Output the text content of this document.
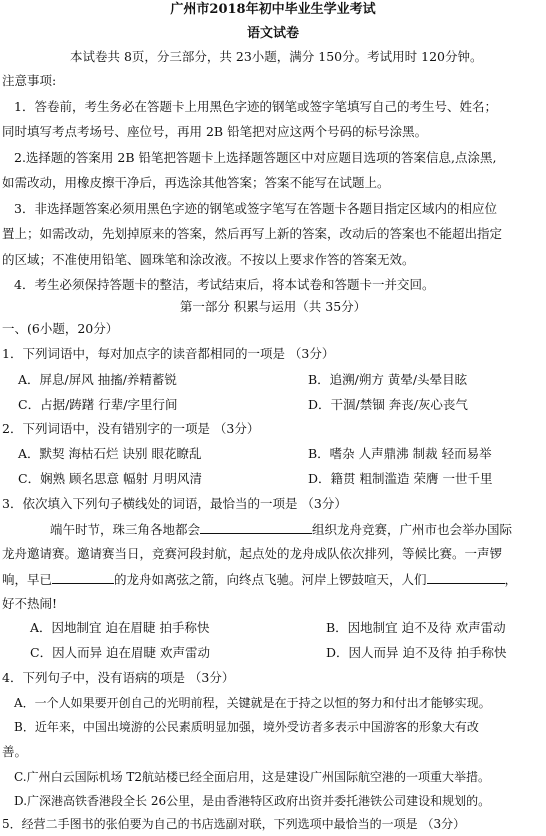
广州市2018年初中毕业生学业考试
语文试卷
本试卷共 8页，分三部分，共 23小题，满分 150分。考试用时 120分钟。
注意事项:
1．答卷前，考生务必在答题卡上用黑色字迹的钢笔或签字笔填写自己的考生号、姓名；
同时填写考点考场号、座位号，再用 2B 铅笔把对应这两个号码的标号涂黑。
2.选择题的答案用 2B 铅笔把答题卡上选择题答题区中对应题目选项的答案信息,点涂黑,
如需改动，用橡皮擦干净后，再选涂其他答案；答案不能写在试题上。
3．非选择题答案必须用黑色字迹的钢笔或签字笔写在答题卡各题目指定区域内的相应位
置上；如需改动，先划掉原来的答案，然后再写上新的答案，改动后的答案也不能超出指定
的区域；不准使用铅笔、圆珠笔和涂改液。不按以上要求作答的答案无效。
4．考生必须保持答题卡的整洁，考试结束后，将本试卷和答题卡一并交回。
第一部分 积累与运用（共 35分）
一、(6小题，20分）
1．下列词语中，每对加点字的读音都相同的一项是 （3分）
A．屏息/屏风 抽搐/养精蓄锐	B．追溯/朔方 黄晕/头晕目眩
C．占据/踌躇 行辈/字里行间	D．干涸/禁锢 奔丧/灰心丧气
2．下列词语中，没有错别字的一项是 （3分）
A．默契 海枯石烂 诀别 眼花瞭乱	B．嗜杂 人声鼎沸 制裁 轻而易举
C．娴熟 顾名思意 幅射 月明风清	D．籍贯 粗制滥造 荣膺 一世千里
3．依次填入下列句子横线处的词语，最恰当的一项是 （3分）
端午时节，珠三角各地都会	组织龙舟竞赛，广州市也会举办国际
龙舟邀请赛。邀请赛当日，竞赛河段封航，起点处的龙舟成队依次排列，等候比赛。一声锣
响，早已	的龙舟如离弦之箭，向终点飞驰。河岸上锣鼓喧天，人们	，
好不热闹!
A．因地制宜 迫在眉睫 拍手称快	B．因地制宜 迫不及待 欢声雷动
C．因人而异 迫在眉睫 欢声雷动	D．因人而异 迫不及待 拍手称快
4．下列句子中，没有语病的项是 （3分）
A．一个人如果要开创自己的光明前程，关键就是在于持之以恒的努力和付出才能够实现。
B．近年来，中国出境游的公民素质明显加强，境外受访者多表示中国游客的形象大有改
善。
C.广州白云国际机场 T2航站楼已经全面启用，这是建设广州国际航空港的一项重大举措。
D.广深港高铁香港段全长 26公里，是由香港特区政府出资并委托港铁公司建设和规划的。
5．经营二手图书的张伯要为自己的书店选副对联，下列选项中最恰当的一项是 （3分）
